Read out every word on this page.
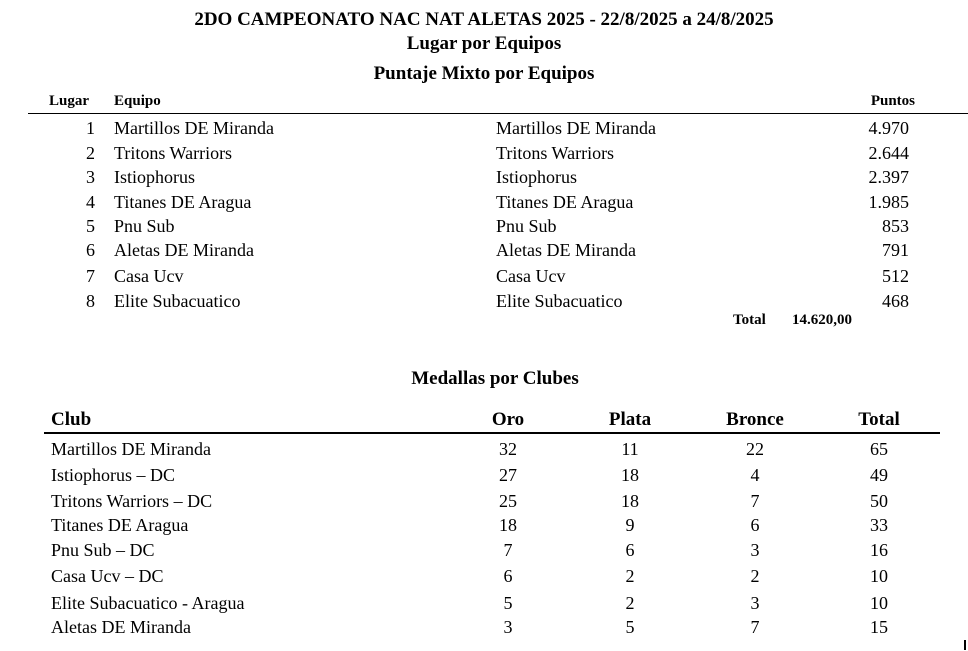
2DO CAMPEONATO NAC NAT ALETAS 2025 - 22/8/2025 a 24/8/2025
Lugar por Equipos
Puntaje Mixto por Equipos
Lugar Equipo	Puntos
1 Martillos DE Miranda	Martillos DE Miranda	4.970
2 Tritons Warriors	Tritons Warriors	2.644
3 Istiophorus	Istiophorus	2.397
4 Titanes DE Aragua	Titanes DE Aragua	1.985
5 Pnu Sub	Pnu Sub	853
6 Aletas DE Miranda	Aletas DE Miranda	791
7 Casa Ucv	Casa Ucv	512
8 Elite Subacuatico	Elite Subacuatico	468
Total 14.620,00
Medallas por Clubes
Club	Oro	Plata	Bronce	Total
Martillos DE Miranda	32	11	22	65
Istiophorus – DC	27	18	4	49
Tritons Warriors – DC	25	18	7	50
Titanes DE Aragua	18	9	6	33
Pnu Sub – DC	7	6	3	16
Casa Ucv – DC	6	2	2	10
Elite Subacuatico - Aragua	5	2	3	10
Aletas DE Miranda	3	5	7	15
